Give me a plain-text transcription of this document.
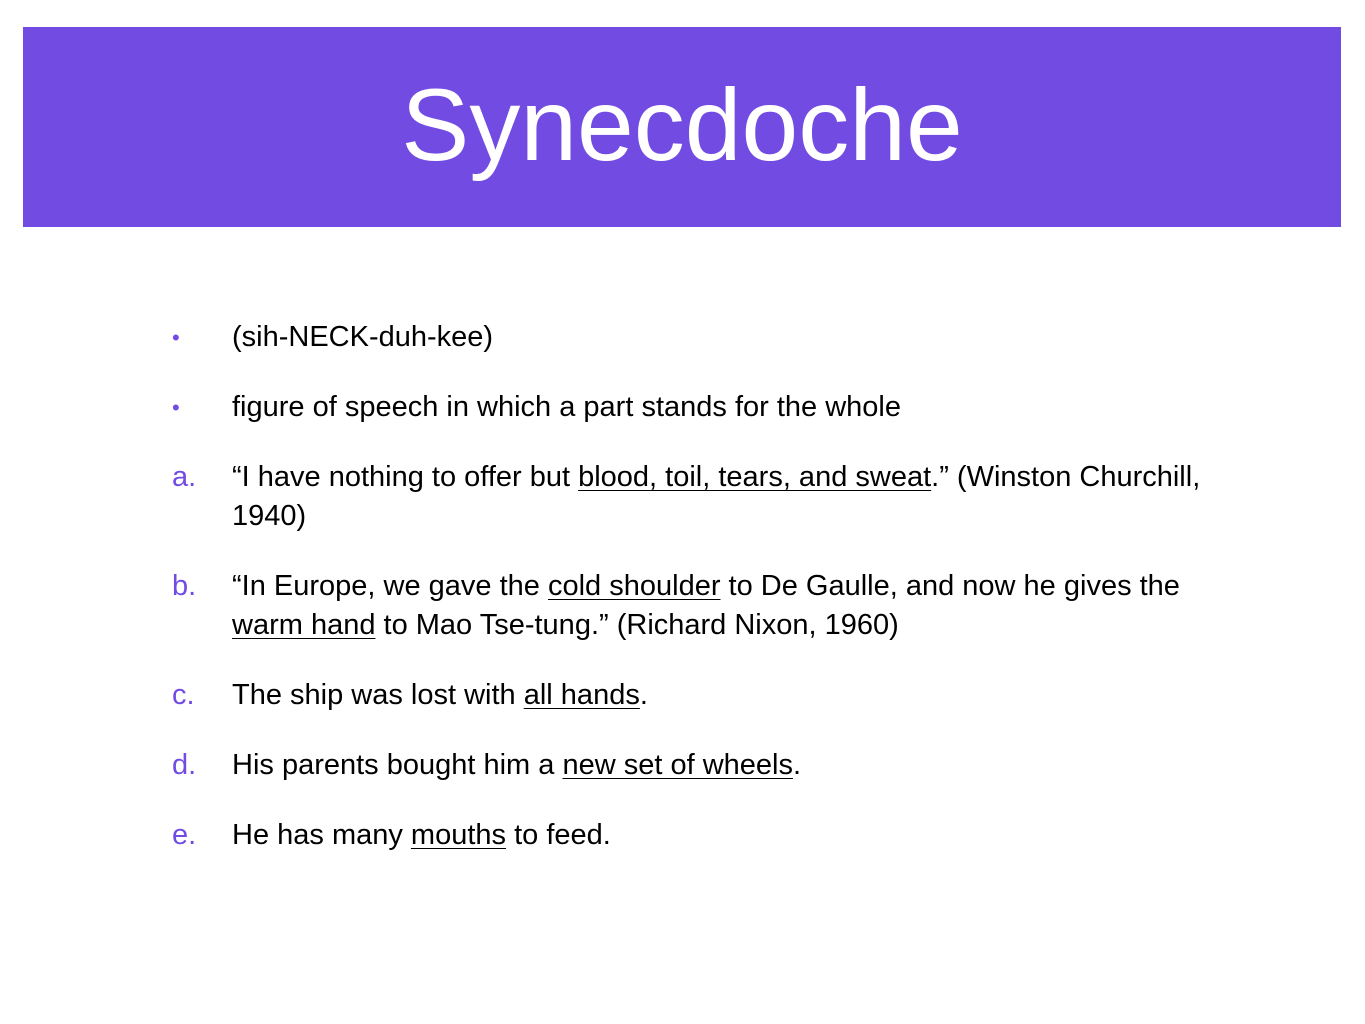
Synecdoche
•	(sih-NECK-duh-kee)
•	figure of speech in which a part stands for the whole
a.	“I have nothing to offer but blood, toil, tears, and sweat.” (Winston Churchill, 1940)
b.	“In Europe, we gave the cold shoulder to De Gaulle, and now he gives the warm hand to Mao Tse-tung.” (Richard Nixon, 1960)
c.	The ship was lost with all hands.
d.	His parents bought him a new set of wheels.
e.	He has many mouths to feed.
